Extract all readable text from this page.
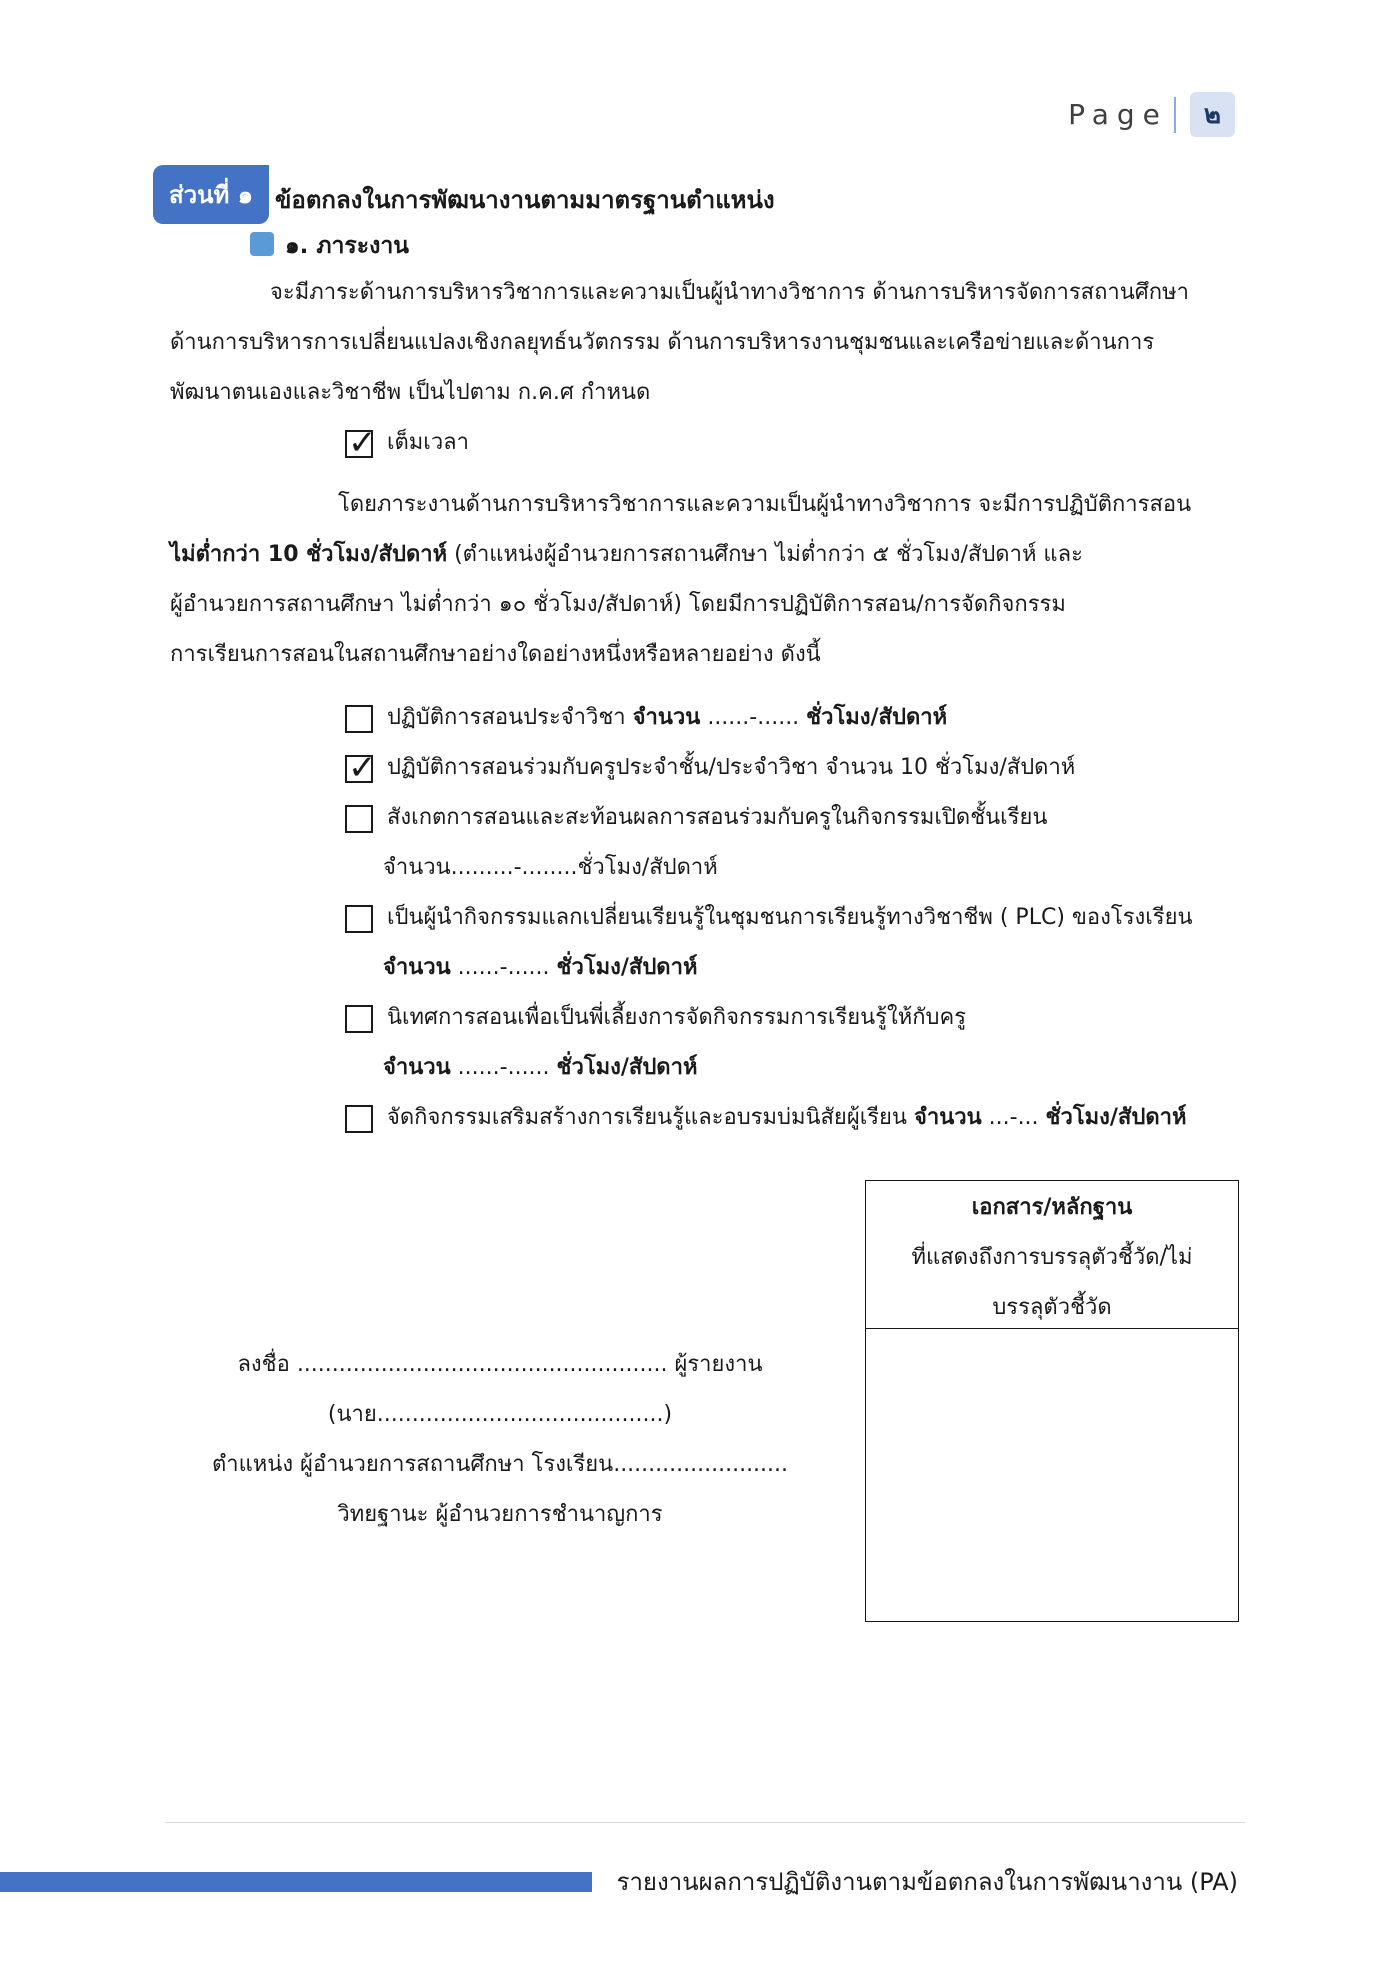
Page	๒
ส่วนที่ ๑ ข้อตกลงในการพัฒนางานตามมาตรฐานตำแหน่ง
๑. ภาระงาน
จะมีภาระด้านการบริหารวิชาการและความเป็นผู้นำทางวิชาการ ด้านการบริหารจัดการสถานศึกษา
ด้านการบริหารการเปลี่ยนแปลงเชิงกลยุทธ์นวัตกรรม ด้านการบริหารงานชุมชนและเครือข่ายและด้านการ
พัฒนาตนเองและวิชาชีพ เป็นไปตาม ก.ค.ศ กำหนด
✓
เต็มเวลา
โดยภาระงานด้านการบริหารวิชาการและความเป็นผู้นำทางวิชาการ จะมีการปฏิบัติการสอน
ไม่ต่ำกว่า 10 ชั่วโมง/สัปดาห์ (ตำแหน่งผู้อำนวยการสถานศึกษา ไม่ต่ำกว่า ๕ ชั่วโมง/สัปดาห์ และ
ผู้อำนวยการสถานศึกษา ไม่ต่ำกว่า ๑๐ ชั่วโมง/สัปดาห์) โดยมีการปฏิบัติการสอน/การจัดกิจกรรม
การเรียนการสอนในสถานศึกษาอย่างใดอย่างหนึ่งหรือหลายอย่าง ดังนี้
ปฏิบัติการสอนประจำวิชา จำนวน ......-...... ชั่วโมง/สัปดาห์
✓
ปฏิบัติการสอนร่วมกับครูประจำชั้น/ประจำวิชา จำนวน 10 ชั่วโมง/สัปดาห์
สังเกตการสอนและสะท้อนผลการสอนร่วมกับครูในกิจกรรมเปิดชั้นเรียน
จำนวน.........-........ชั่วโมง/สัปดาห์
เป็นผู้นำกิจกรรมแลกเปลี่ยนเรียนรู้ในชุมชนการเรียนรู้ทางวิชาชีพ ( PLC) ของโรงเรียน
จำนวน ......-...... ชั่วโมง/สัปดาห์
นิเทศการสอนเพื่อเป็นพี่เลี้ยงการจัดกิจกรรมการเรียนรู้ให้กับครู
จำนวน ......-...... ชั่วโมง/สัปดาห์
จัดกิจกรรมเสริมสร้างการเรียนรู้และอบรมบ่มนิสัยผู้เรียน จำนวน ...-... ชั่วโมง/สัปดาห์
เอกสาร/หลักฐาน
ที่แสดงถึงการบรรลุตัวชี้วัด/ไม่
บรรลุตัวชี้วัด
ลงชื่อ ..................................................... ผู้รายงาน
(นาย.........................................)
ตำแหน่ง ผู้อำนวยการสถานศึกษา โรงเรียน.........................
วิทยฐานะ ผู้อำนวยการชำนาญการ
รายงานผลการปฏิบัติงานตามข้อตกลงในการพัฒนางาน (PA)
